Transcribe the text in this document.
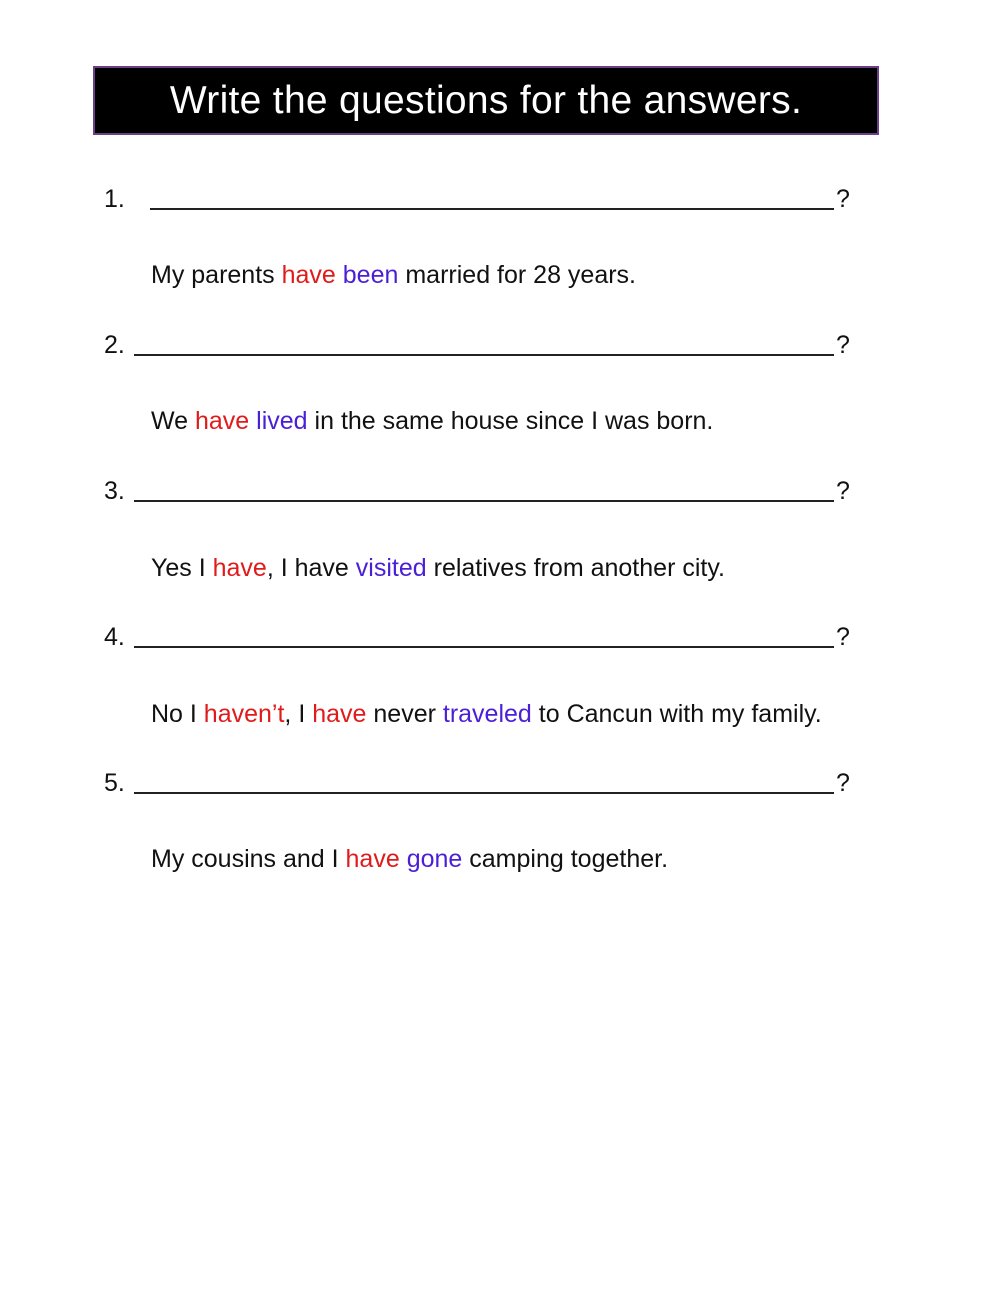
Write the questions for the answers.
1.	?
My parents have been married for 28 years.
2.	?
We have lived in the same house since I was born.
3.	?
Yes I have, I have visited relatives from another city.
4.	?
No I haven’t, I have never traveled to Cancun with my family.
5.	?
My cousins and I have gone camping together.
